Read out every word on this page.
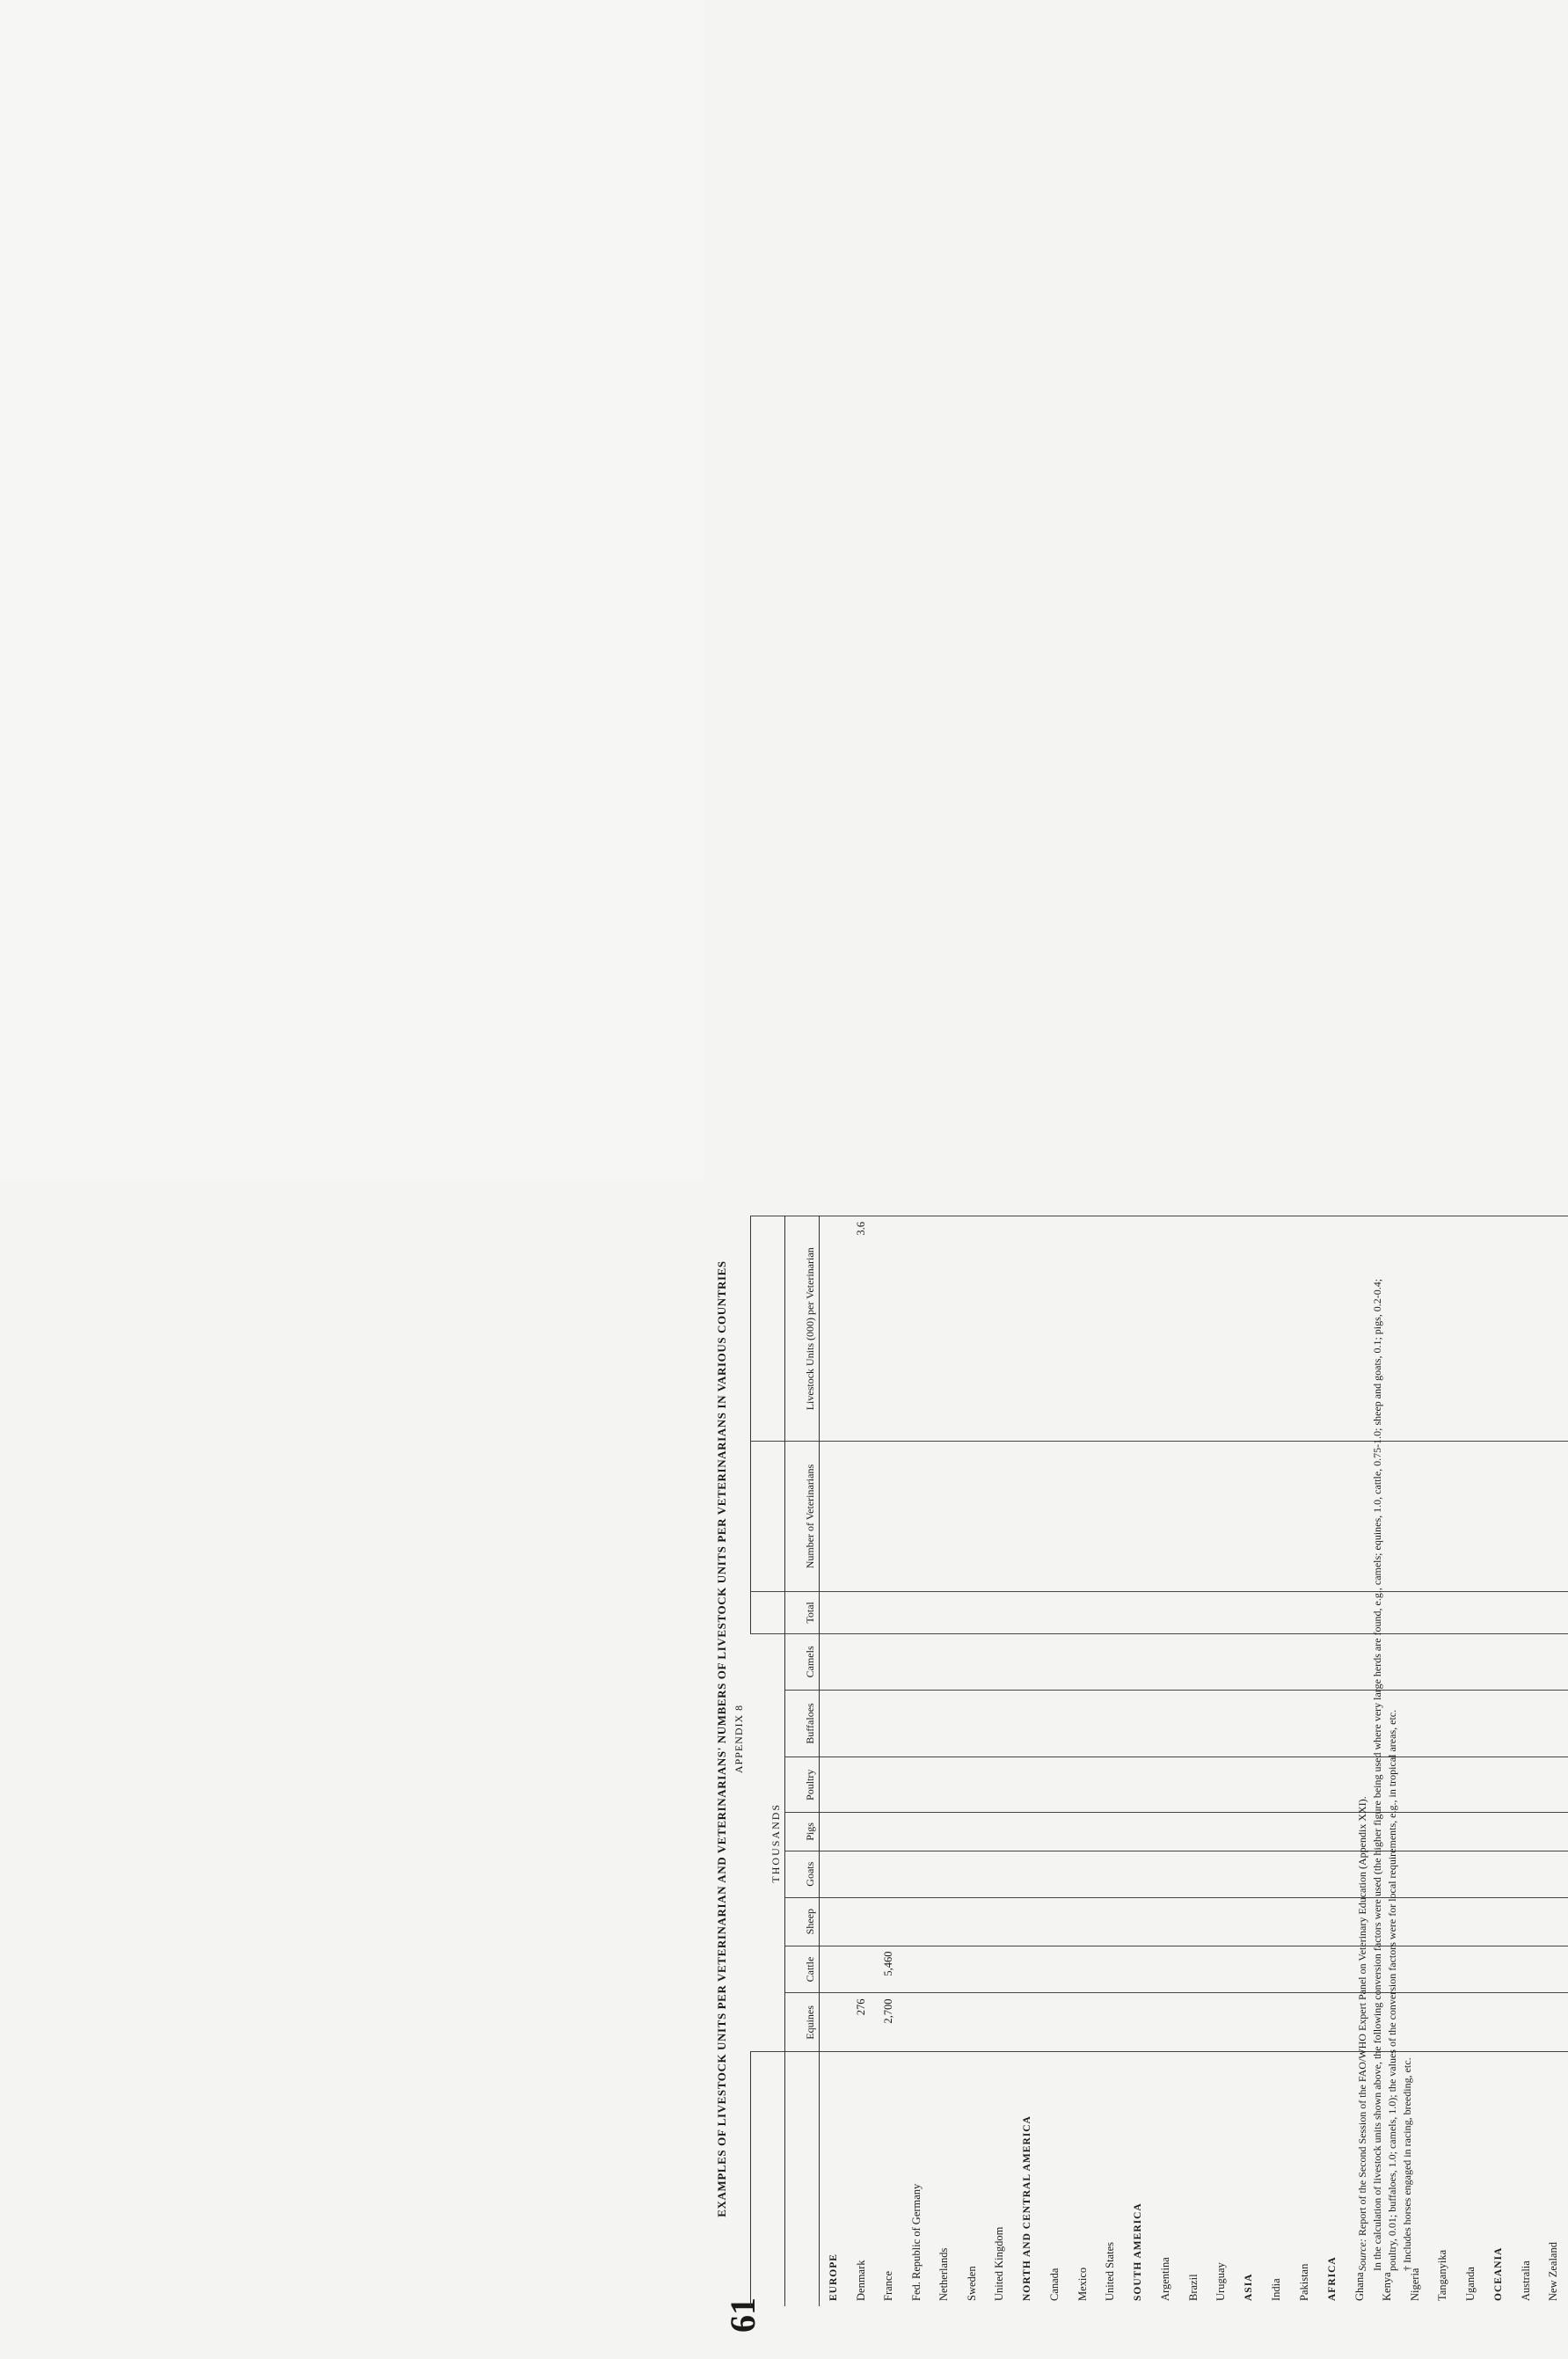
61
APPENDIX 8
EXAMPLES OF LIVESTOCK UNITS PER VETERINARIAN AND VETERINARIANS' NUMBERS OF LIVESTOCK UNITS PER VETERINARIANS IN VARIOUS COUNTRIES
		THOUSANDS										
	Equines	Cattle	Sheep	Goats	Pigs	Poultry	Buffaloes	Camels	Total	Number of Veterinarians	Livestock Units (000) per Veterinarian
EUROPE											
Denmark	276										3.6
France	2,700	5,460									
Fed. Republic of Germany											
Netherlands											
Sweden											
United Kingdom											
NORTH AND CENTRAL AMERICA											
Canada											
Mexico											
United States											
SOUTH AMERICA											
Argentina											
Brazil											
Uruguay											
ASIA											
India											
Pakistan											
AFRICA											
Ghana											
Kenya											
Nigeria											
Tanganyika											
Uganda											
OCEANIA											
Australia											
New Zealand											
Source: Report of the Second Session of the FAO/WHO Expert Panel on Veterinary Education (Appendix XXI). In the calculation of livestock units shown above, the following conversion factors were used (the higher figure being used where very large herds are found, e.g., camels; equines, 1.0, cattle, 0.75-1.0; sheep and goats, 0.1; pigs, 0.2-0.4; poultry, 0.01; buffaloes, 1.0; camels, 1.0); the values of the conversion factors were for local requirements, e.g., in tropical areas, etc. † Includes horses engaged in racing, breeding, etc.
